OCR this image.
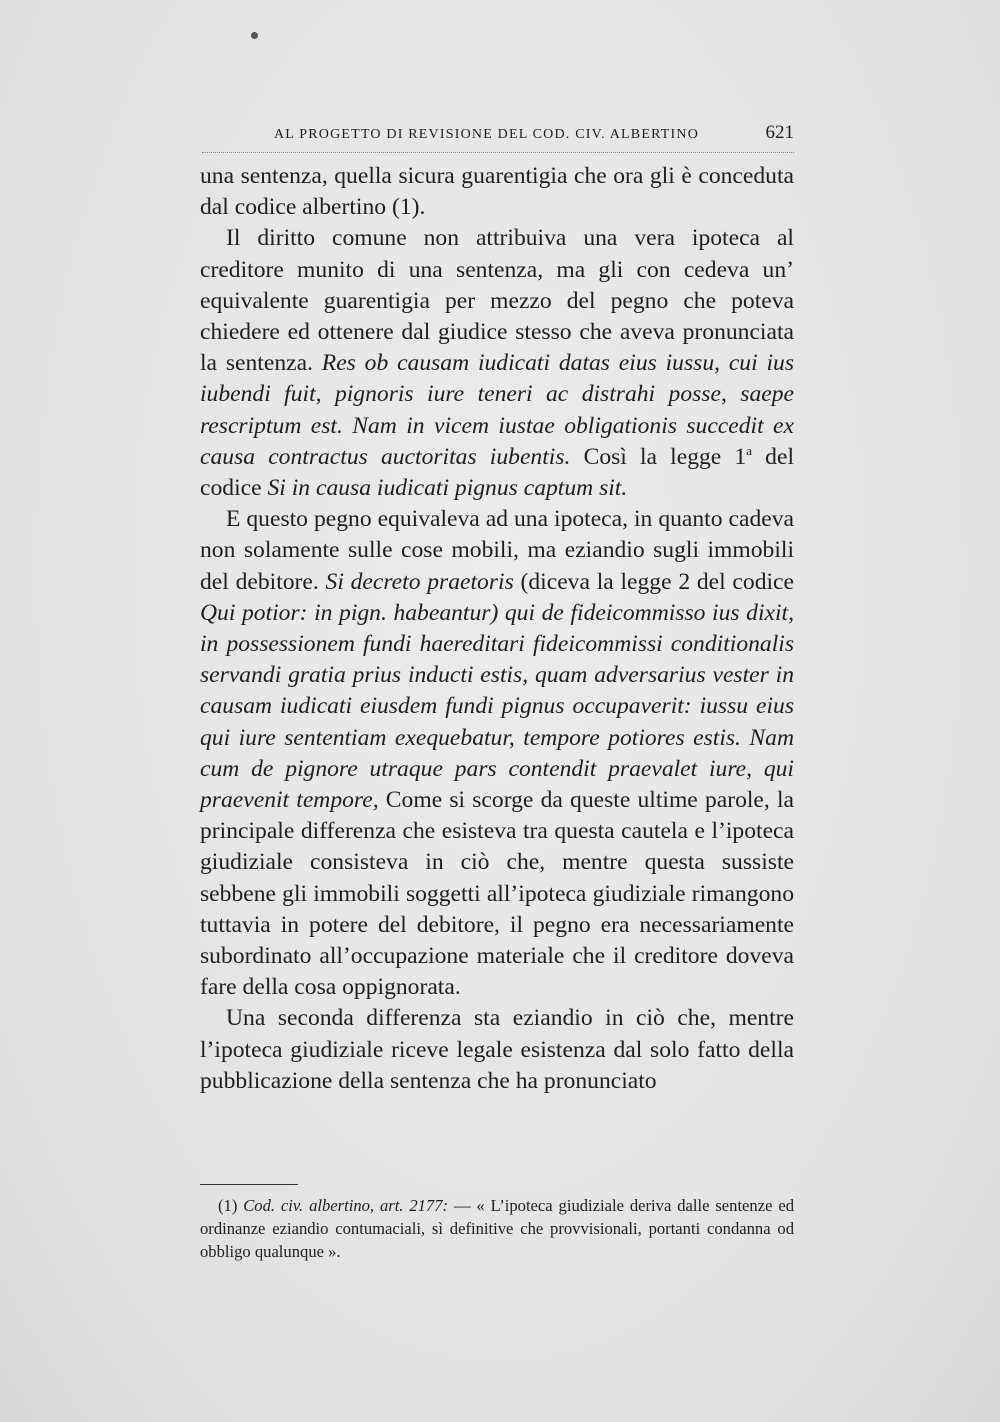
AL PROGETTO DI REVISIONE DEL COD. CIV. ALBERTINO	621

una sentenza, quella sicura guarentigia che ora gli è conceduta dal codice albertino (1).

Il diritto comune non attribuiva una vera ipoteca al creditore munito di una sentenza, ma gli con cedeva un’ equivalente guarentigia per mezzo del pegno che poteva chiedere ed ottenere dal giudice stesso che aveva pronunciata la sentenza. Res ob causam iudicati datas eius iussu, cui ius iubendi fuit, pignoris iure teneri ac distrahi posse, saepe rescriptum est. Nam in vicem iustae obligationis succedit ex causa contractus auctoritas iubentis. Così la legge 1$^a$ del codice Si in causa iudicati pignus captum sit.

E questo pegno equivaleva ad una ipoteca, in quanto cadeva non solamente sulle cose mobili, ma eziandio sugli immobili del debitore. Si decreto praetoris (diceva la legge 2 del codice Qui potior: in pign. habeantur) qui de fideicommisso ius dixit, in possessionem fundi haereditari fideicommissi conditionalis servandi gratia prius inducti estis, quam adversarius vester in causam iudicati eiusdem fundi pignus occupaverit: iussu eius qui iure sententiam exequebatur, tempore potiores estis. Nam cum de pignore utraque pars contendit praevalet iure, qui praevenit tempore, Come si scorge da queste ultime parole, la principale differenza che esisteva tra questa cautela e l’ipoteca giudiziale consisteva in ciò che, mentre questa sussiste sebbene gli immobili soggetti all’ipoteca giudiziale rimangono tuttavia in potere del debitore, il pegno era necessariamente subordinato all’occupazione materiale che il creditore doveva fare della cosa oppignorata.

Una seconda differenza sta eziandio in ciò che, mentre l’ipoteca giudiziale riceve legale esistenza dal solo fatto della pubblicazione della sentenza che ha pronunciato

(1) Cod. civ. albertino, art. 2177: — « L’ipoteca giudiziale deriva dalle sentenze ed ordinanze eziandio contumaciali, sì definitive che provvisionali, portanti condanna od obbligo qualunque ».
